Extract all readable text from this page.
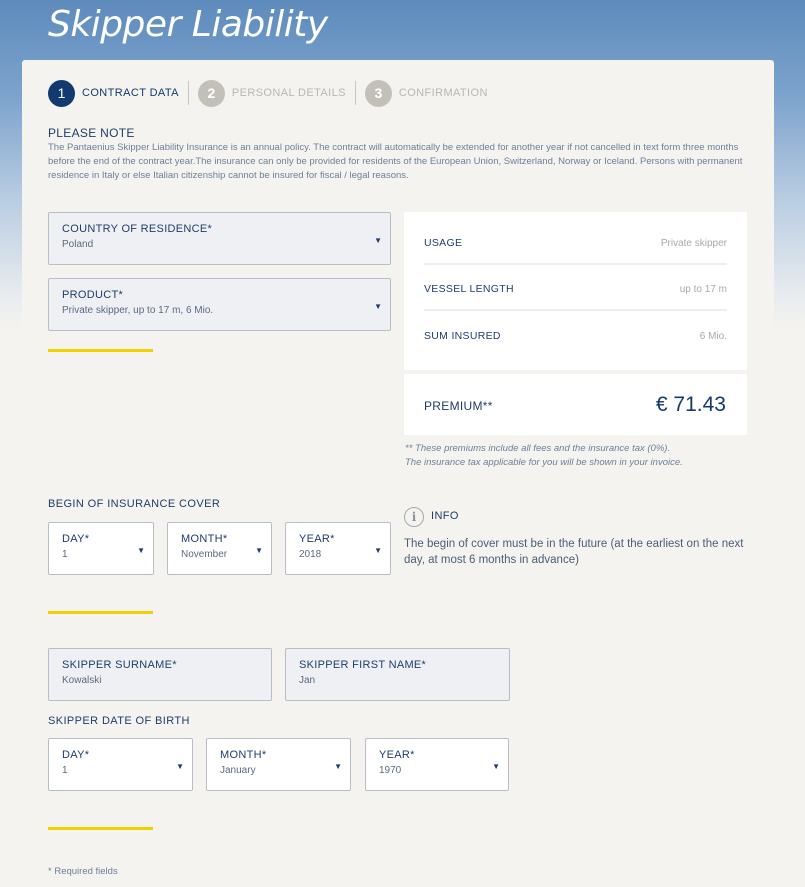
Skipper Liability
1	CONTRACT DATA	2	PERSONAL DETAILS	3	CONFIRMATION
PLEASE NOTE

The Pantaenius Skipper Liability Insurance is an annual policy. The contract will automatically be extended for another year if not cancelled in text form three months before the end of the contract year.The insurance can only be provided for residents of the European Union, Switzerland, Norway or Iceland. Persons with permanent residence in Italy or else Italian citizenship cannot be insured for fiscal / legal reasons.

COUNTRY OF RESIDENCE*
Poland	▼
PRODUCT*
Private skipper, up to 17 m, 6 Mio.	▼
USAGE	Private skipper
VESSEL LENGTH	up to 17 m
SUM INSURED	6 Mio.
PREMIUM**	€ 71.43
** These premiums include all fees and the insurance tax (0%).
The insurance tax applicable for you will be shown in your invoice.
BEGIN OF INSURANCE COVER
DAY*
1	▼
MONTH*
November	▼
YEAR*
2018	▼
i	INFO

The begin of cover must be in the future (at the earliest on the next day, at most 6 months in advance)

SKIPPER SURNAME*
Kowalski
SKIPPER FIRST NAME*
Jan
SKIPPER DATE OF BIRTH
DAY*
1	▼
MONTH*
January	▼
YEAR*
1970	▼
* Required fields
